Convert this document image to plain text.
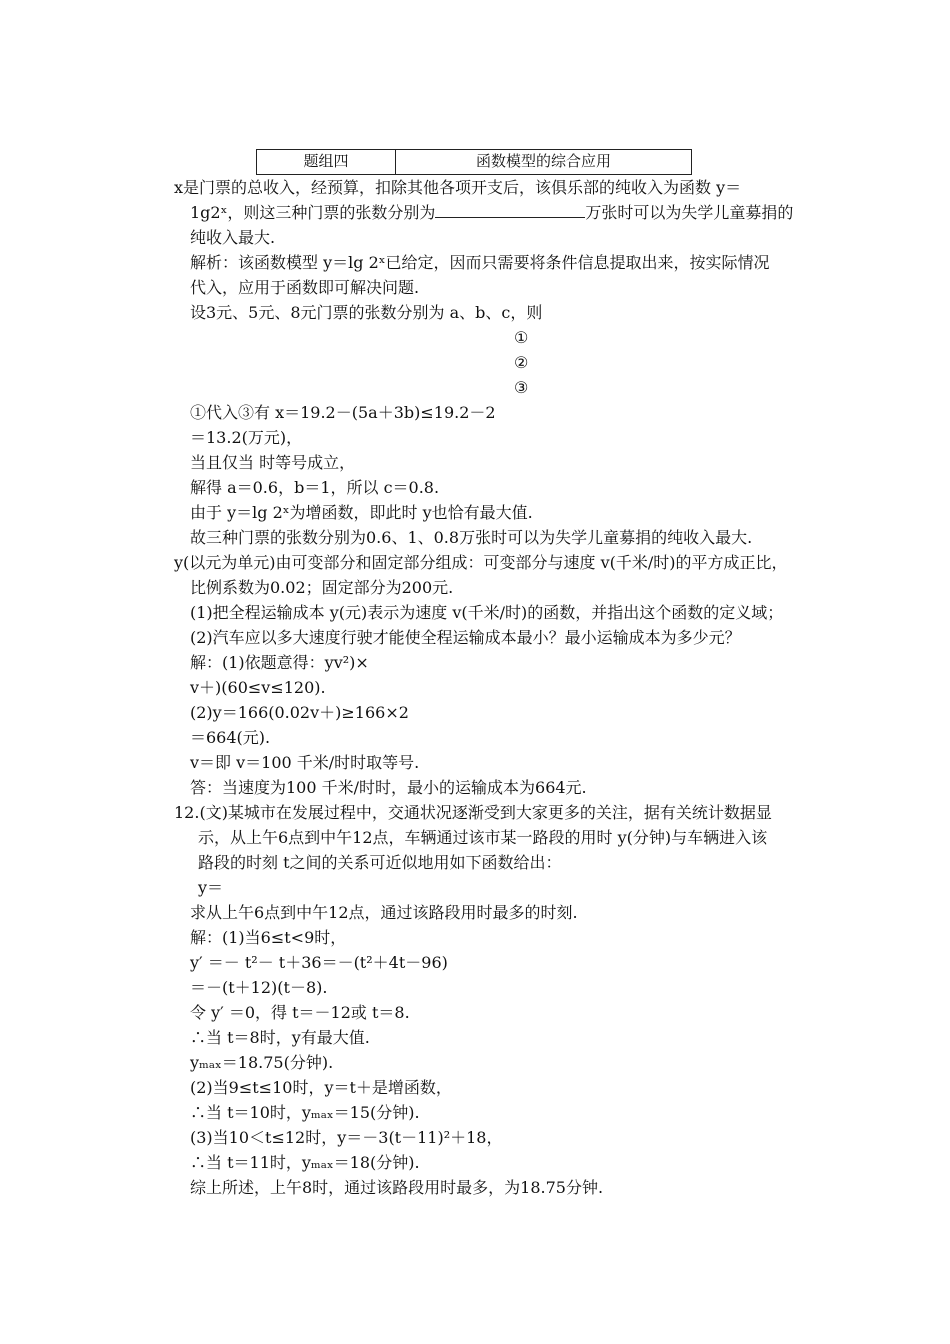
题组四	函数模型的综合应用
x是门票的总收入，经预算，扣除其他各项开支后，该俱乐部的纯收入为函数 y＝
1g2ˣ，则这三种门票的张数分别为	万张时可以为失学儿童募捐的
纯收入最大.
解析：该函数模型 y＝lg 2ˣ已给定，因而只需要将条件信息提取出来，按实际情况
代入，应用于函数即可解决问题.
设3元、5元、8元门票的张数分别为 a、b、c，则
①
②
③
①代入③有 x＝19.2－(5a＋3b)≤19.2－2
＝13.2(万元)，
当且仅当 时等号成立，
解得 a＝0.6，b＝1，所以 c＝0.8.
由于 y＝lg 2ˣ为增函数，即此时 y也恰有最大值.
故三种门票的张数分别为0.6、1、0.8万张时可以为失学儿童募捐的纯收入最大.
y(以元为单元)由可变部分和固定部分组成：可变部分与速度 v(千米/时)的平方成正比，
比例系数为0.02；固定部分为200元.
(1)把全程运输成本 y(元)表示为速度 v(千米/时)的函数，并指出这个函数的定义域；
(2)汽车应以多大速度行驶才能使全程运输成本最小？最小运输成本为多少元？
解：(1)依题意得：yv²)×
v＋)(60≤v≤120).
(2)y＝166(0.02v＋)≥166×2
＝664(元).
v＝即 v＝100 千米/时时取等号.
答：当速度为100 千米/时时，最小的运输成本为664元.
12.(文)某城市在发展过程中，交通状况逐渐受到大家更多的关注，据有关统计数据显
示，从上午6点到中午12点，车辆通过该市某一路段的用时 y(分钟)与车辆进入该
路段的时刻 t之间的关系可近似地用如下函数给出：
y＝
求从上午6点到中午12点，通过该路段用时最多的时刻.
解：(1)当6≤t<9时，
y′ ＝－ t²－ t＋36＝－(t²＋4t－96)
＝－(t＋12)(t－8).
令 y′ ＝0，得 t＝－12或 t＝8.
∴当 t＝8时，y有最大值.
yₘₐₓ＝18.75(分钟).
(2)当9≤t≤10时，y＝t＋是增函数，
∴当 t＝10时，yₘₐₓ＝15(分钟).
(3)当10＜t≤12时，y＝－3(t－11)²＋18，
∴当 t＝11时，yₘₐₓ＝18(分钟).
综上所述，上午8时，通过该路段用时最多，为18.75分钟.
